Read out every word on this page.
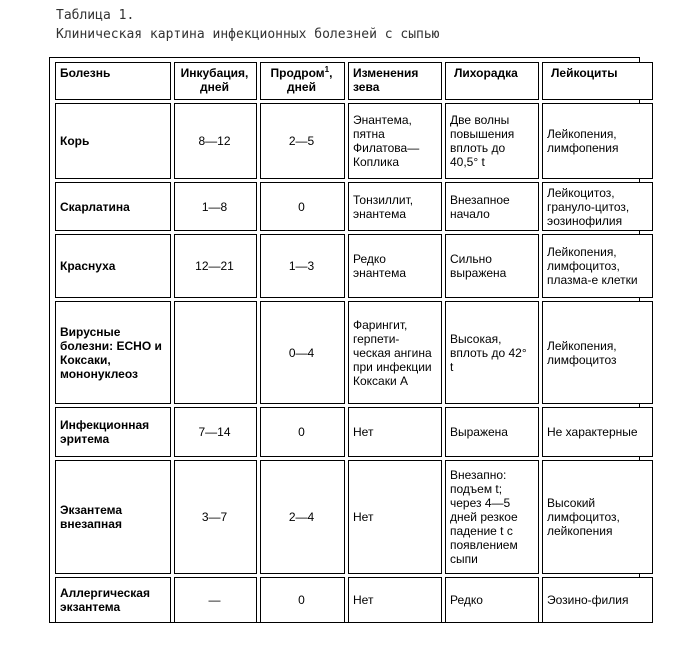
Таблица 1.
Клиническая картина инфекционных болезней с сыпью
Болезнь	Инкубация, дней	Продром$^1$, дней	Изменения зева	Лихорадка	Лейкоциты
Корь	8—12	2—5	Энантема, пятна Филатова—Коплика	Две волны повышения вплоть до 40,5° t	Лейкопения, лимфопения
Скарлатина	1—8	0	Тонзиллит, энантема	Внезапное начало	Лейкоцитоз, грануло-цитоз, эозинофилия
Краснуха	12—21	1—3	Редко энантема	Сильно выражена	Лейкопения, лимфоцитоз, плазма-е клетки
Вирусные болезни: ЕСНО и Коксаки, мононуклеоз		0—4	Фарингит, герпети-ческая ангина при инфекции Коксаки А	Высокая, вплоть до 42° t	Лейкопения, лимфоцитоз
Инфекционная эритема	7—14	0	Нет	Выражена	Не характерные
Экзантема внезапная	3—7	2—4	Нет	Внезапно: подъем t; через 4—5 дней резкое падение t с появлением сыпи	Высокий лимфоцитоз, лейкопения
Аллергическая экзантема	—	0	Нет	Редко	Эозино-филия
